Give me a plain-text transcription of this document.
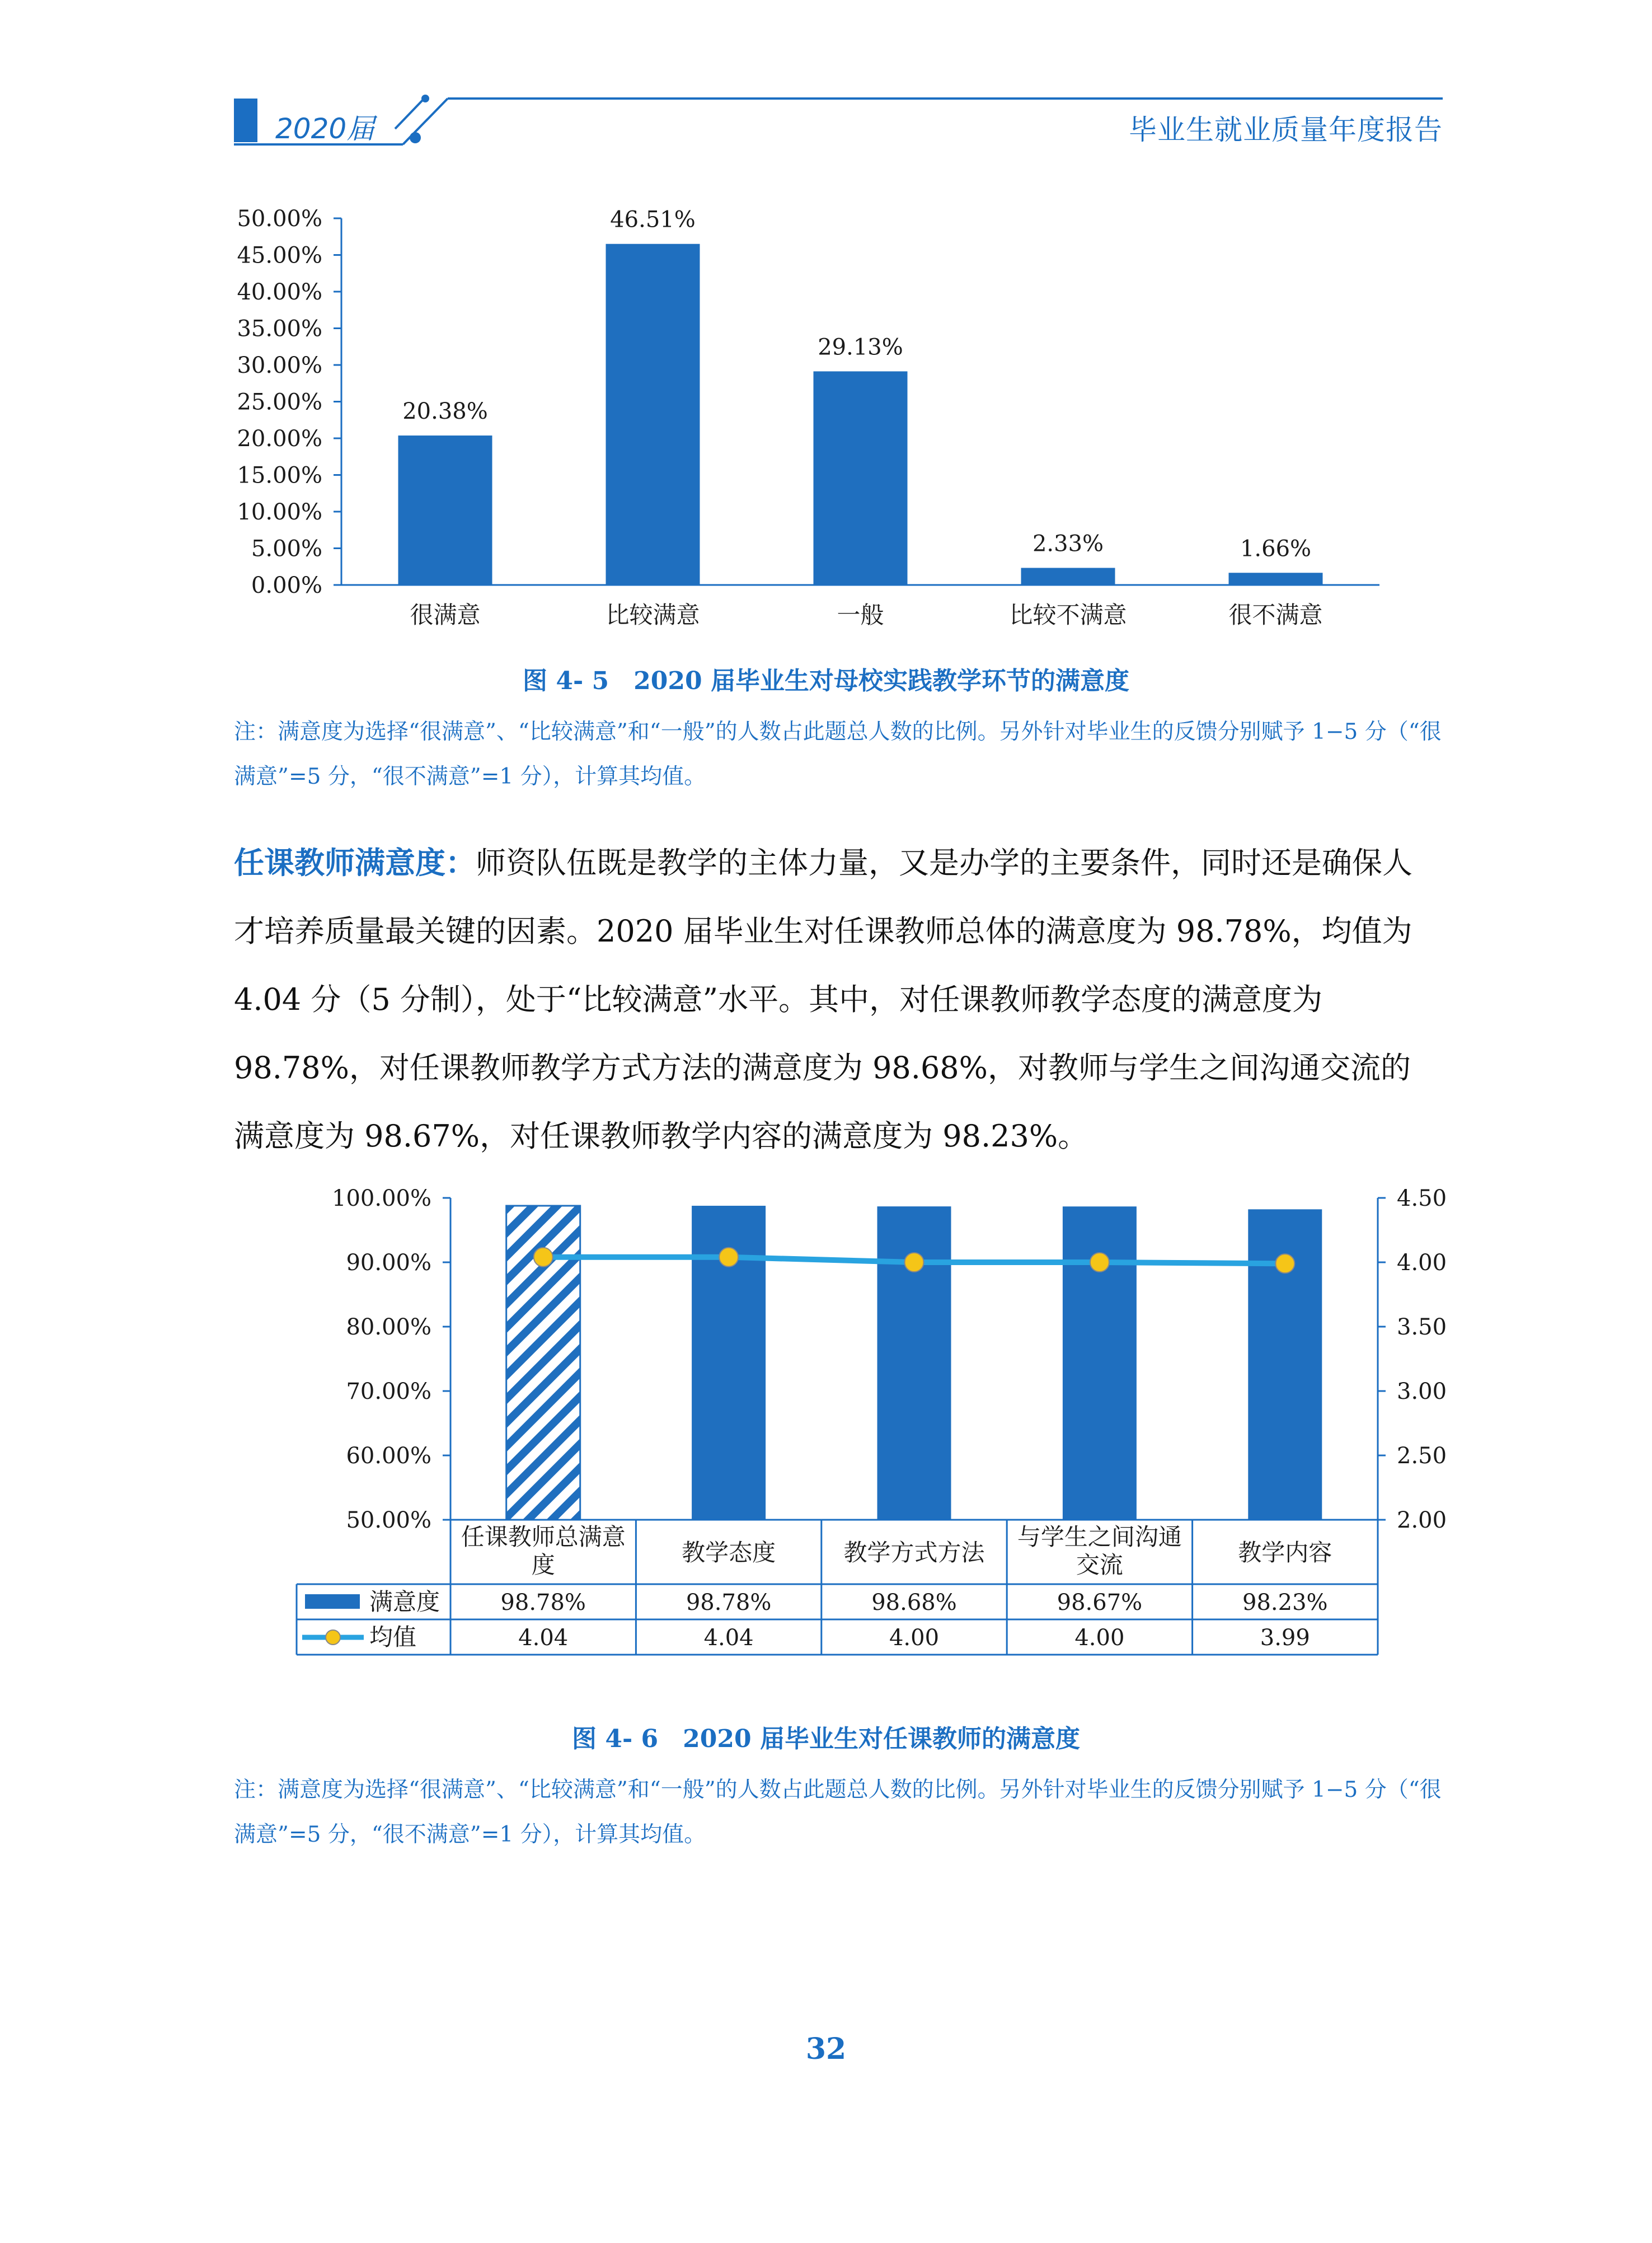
2020届	毕业生就业质量年度报告
0.00%
5.00%
10.00%
15.00%
20.00%
25.00%
30.00%
35.00%
40.00%
45.00%
50.00%
20.38%
很满意
46.51%
比较满意
29.13%
一般
2.33%
比较不满意
1.66%
很不满意
图 4- 5　2020 届毕业生对母校实践教学环节的满意度
注：满意度为选择“很满意”、“比较满意”和“一般”的人数占此题总人数的比例。另外针对毕业生的反馈分别赋予 1−5 分（“很满意”=5 分，“很不满意”=1 分），计算其均值。
任课教师满意度：师资队伍既是教学的主体力量，又是办学的主要条件，同时还是确保人才培养质量最关键的因素。2020 届毕业生对任课教师总体的满意度为 98.78%，均值为 4.04 分（5 分制），处于“比较满意”水平。其中，对任课教师教学态度的满意度为 98.78%，对任课教师教学方式方法的满意度为 98.68%，对教师与学生之间沟通交流的满意度为 98.67%，对任课教师教学内容的满意度为 98.23%。
50.00%
60.00%
70.00%
80.00%
90.00%
100.00%
2.00
2.50
3.00
3.50
4.00
4.50
任课教师总满意度
98.78%
4.04
教学态度
98.78%
4.04
教学方式方法
98.68%
4.00
与学生之间沟通交流
98.67%
4.00
教学内容
98.23%
3.99
满意度
均值
图 4- 6　2020 届毕业生对任课教师的满意度
注：满意度为选择“很满意”、“比较满意”和“一般”的人数占此题总人数的比例。另外针对毕业生的反馈分别赋予 1−5 分（“很满意”=5 分，“很不满意”=1 分），计算其均值。
32
